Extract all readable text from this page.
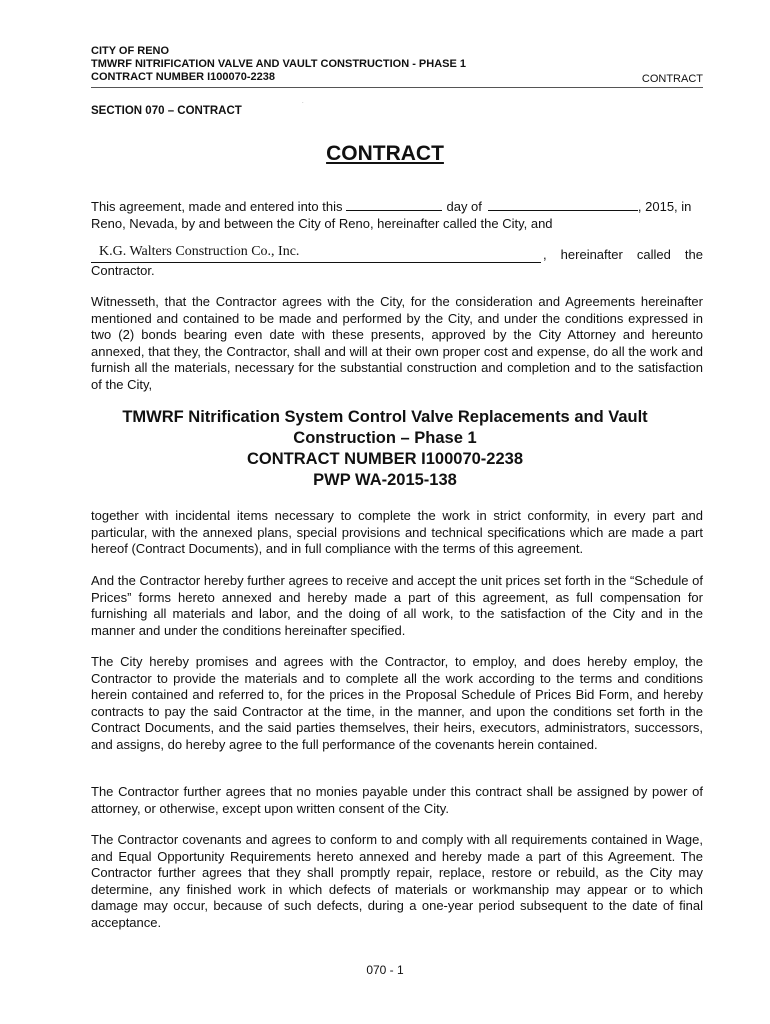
CITY OF RENO
TMWRF NITRIFICATION VALVE AND VAULT CONSTRUCTION - PHASE 1
CONTRACT NUMBER I100070-2238	CONTRACT
SECTION 070 – CONTRACT
.
CONTRACT
This agreement, made and entered into this	day of	, 2015, in
Reno, Nevada, by and between the City of Reno, hereinafter called the City, and
K.G. Walters Construction Co., Inc.	, hereinafter called the
Contractor.
Witnesseth, that the Contractor agrees with the City, for the consideration and Agreements hereinafter mentioned and contained to be made and performed by the City, and under the conditions expressed in two (2) bonds bearing even date with these presents, approved by the City Attorney and hereunto annexed, that they, the Contractor, shall and will at their own proper cost and expense, do all the work and furnish all the materials, necessary for the substantial construction and completion and to the satisfaction of the City,
TMWRF Nitrification System Control Valve Replacements and Vault
Construction – Phase 1
CONTRACT NUMBER I100070-2238
PWP WA-2015-138
together with incidental items necessary to complete the work in strict conformity, in every part and particular, with the annexed plans, special provisions and technical specifications which are made a part hereof (Contract Documents), and in full compliance with the terms of this agreement.
And the Contractor hereby further agrees to receive and accept the unit prices set forth in the “Schedule of Prices” forms hereto annexed and hereby made a part of this agreement, as full compensation for furnishing all materials and labor, and the doing of all work, to the satisfaction of the City and in the manner and under the conditions hereinafter specified.
The City hereby promises and agrees with the Contractor, to employ, and does hereby employ, the Contractor to provide the materials and to complete all the work according to the terms and conditions herein contained and referred to, for the prices in the Proposal Schedule of Prices Bid Form, and hereby contracts to pay the said Contractor at the time, in the manner, and upon the conditions set forth in the Contract Documents, and the said parties themselves, their heirs, executors, administrators, successors, and assigns, do hereby agree to the full performance of the covenants herein contained.
The Contractor further agrees that no monies payable under this contract shall be assigned by power of attorney, or otherwise, except upon written consent of the City.
The Contractor covenants and agrees to conform to and comply with all requirements contained in Wage, and Equal Opportunity Requirements hereto annexed and hereby made a part of this Agreement. The Contractor further agrees that they shall promptly repair, replace, restore or rebuild, as the City may determine, any finished work in which defects of materials or workmanship may appear or to which damage may occur, because of such defects, during a one-year period subsequent to the date of final acceptance.
070 - 1
